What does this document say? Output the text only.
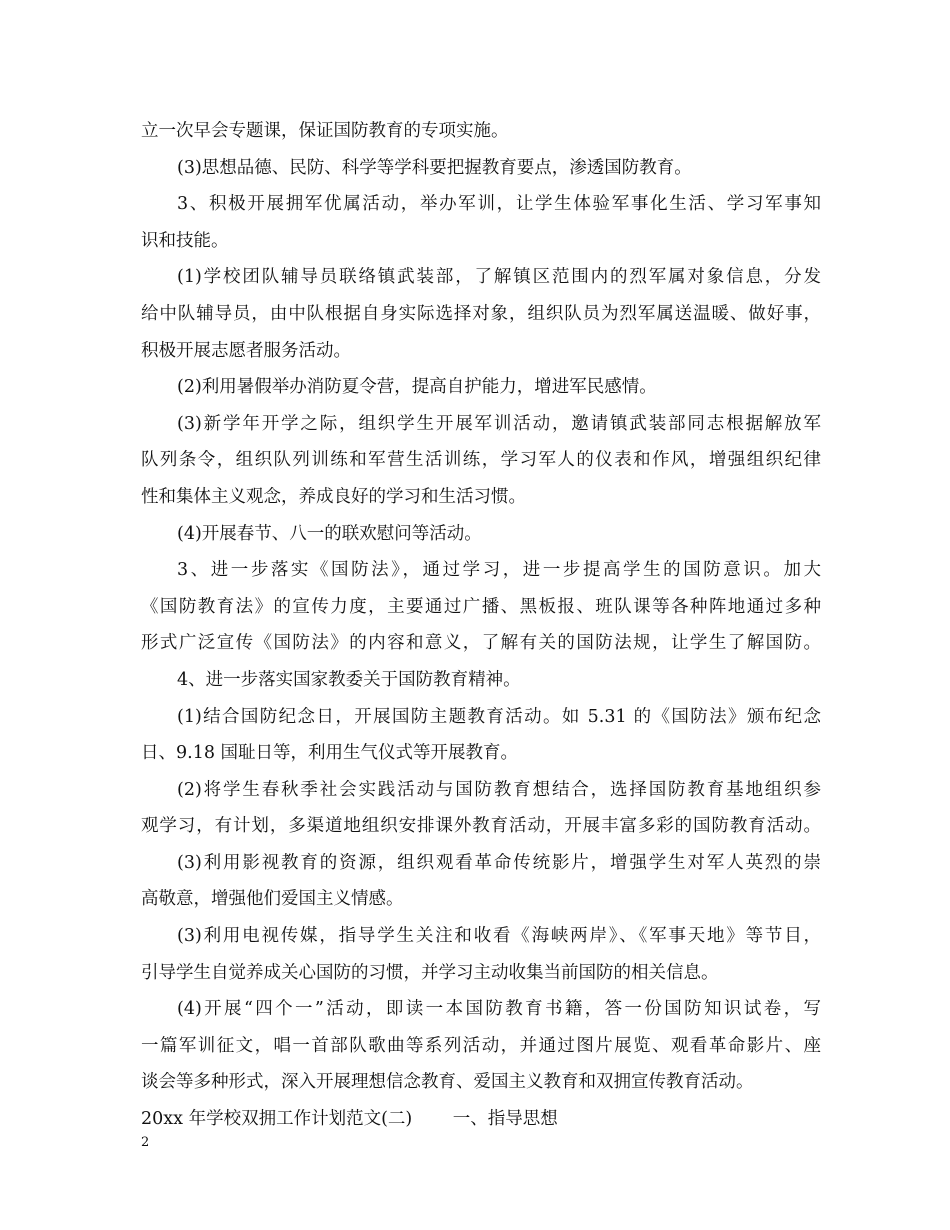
立一次早会专题课，保证国防教育的专项实施。
(3)思想品德、民防、科学等学科要把握教育要点，渗透国防教育。
3、积极开展拥军优属活动，举办军训，让学生体验军事化生活、学习军事知
识和技能。
(1)学校团队辅导员联络镇武装部，了解镇区范围内的烈军属对象信息，分发
给中队辅导员，由中队根据自身实际选择对象，组织队员为烈军属送温暖、做好事，
积极开展志愿者服务活动。
(2)利用暑假举办消防夏令营，提高自护能力，增进军民感情。
(3)新学年开学之际，组织学生开展军训活动，邀请镇武装部同志根据解放军
队列条令，组织队列训练和军营生活训练，学习军人的仪表和作风，增强组织纪律
性和集体主义观念，养成良好的学习和生活习惯。
(4)开展春节、八一的联欢慰问等活动。
3、进一步落实《国防法》，通过学习，进一步提高学生的国防意识。加大
《国防教育法》的宣传力度，主要通过广播、黑板报、班队课等各种阵地通过多种
形式广泛宣传《国防法》的内容和意义，了解有关的国防法规，让学生了解国防。
4、进一步落实国家教委关于国防教育精神。
(1)结合国防纪念日，开展国防主题教育活动。如 5.31 的《国防法》颁布纪念
日、9.18 国耻日等，利用生气仪式等开展教育。
(2)将学生春秋季社会实践活动与国防教育想结合，选择国防教育基地组织参
观学习，有计划，多渠道地组织安排课外教育活动，开展丰富多彩的国防教育活动。
(3)利用影视教育的资源，组织观看革命传统影片，增强学生对军人英烈的崇
高敬意，增强他们爱国主义情感。
(3)利用电视传媒，指导学生关注和收看《海峡两岸》、《军事天地》等节目，
引导学生自觉养成关心国防的习惯，并学习主动收集当前国防的相关信息。
(4)开展“四个一”活动，即读一本国防教育书籍，答一份国防知识试卷，写
一篇军训征文，唱一首部队歌曲等系列活动，并通过图片展览、观看革命影片、座
谈会等多种形式，深入开展理想信念教育、爱国主义教育和双拥宣传教育活动。
20xx 年学校双拥工作计划范文(二)　　 一、指导思想
2
